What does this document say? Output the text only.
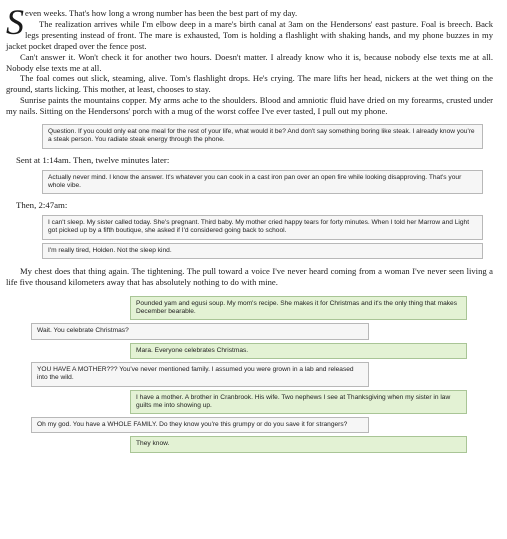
Seven weeks. That's how long a wrong number has been the best part of my day.

The realization arrives while I'm elbow deep in a mare's birth canal at 3am on the Hendersons' east pasture. Foal is breech. Back legs presenting instead of front. The mare is exhausted, Tom is holding a flashlight with shaking hands, and my phone buzzes in my jacket pocket draped over the fence post.

Can't answer it. Won't check it for another two hours. Doesn't matter. I already know who it is, because nobody else texts me at all. Nobody else texts me at all.

The foal comes out slick, steaming, alive. Tom's flashlight drops. He's crying. The mare lifts her head, nickers at the wet thing on the ground, starts licking. This mother, at least, chooses to stay.

Sunrise paints the mountains copper. My arms ache to the shoulders. Blood and amniotic fluid have dried on my forearms, crusted under my nails. Sitting on the Hendersons' porch with a mug of the worst coffee I've ever tasted, I pull out my phone.

Question. If you could only eat one meal for the rest of your life, what would it be? And don't say something boring like steak. I already know you're a steak person. You radiate steak energy through the phone.

Sent at 1:14am. Then, twelve minutes later:

Actually never mind. I know the answer. It's whatever you can cook in a cast iron pan over an open fire while looking disapproving. That's your whole vibe.

Then, 2:47am:

I can't sleep. My sister called today. She's pregnant. Third baby. My mother cried happy tears for forty minutes. When I told her Marrow and Light got picked up by a fifth boutique, she asked if I'd considered going back to school.
I'm really tired, Holden. Not the sleep kind.

My chest does that thing again. The tightening. The pull toward a voice I've never heard coming from a woman I've never seen living a life five thousand kilometers away that has absolutely nothing to do with mine.

Pounded yam and egusi soup. My mom's recipe. She makes it for Christmas and it's the only thing that makes December bearable.
Wait. You celebrate Christmas?
Mara. Everyone celebrates Christmas.
YOU HAVE A MOTHER??? You've never mentioned family. I assumed you were grown in a lab and released into the wild.
I have a mother. A brother in Cranbrook. His wife. Two nephews I see at Thanksgiving when my sister in law guilts me into showing up.
Oh my god. You have a WHOLE FAMILY. Do they know you're this grumpy or do you save it for strangers?
They know.
